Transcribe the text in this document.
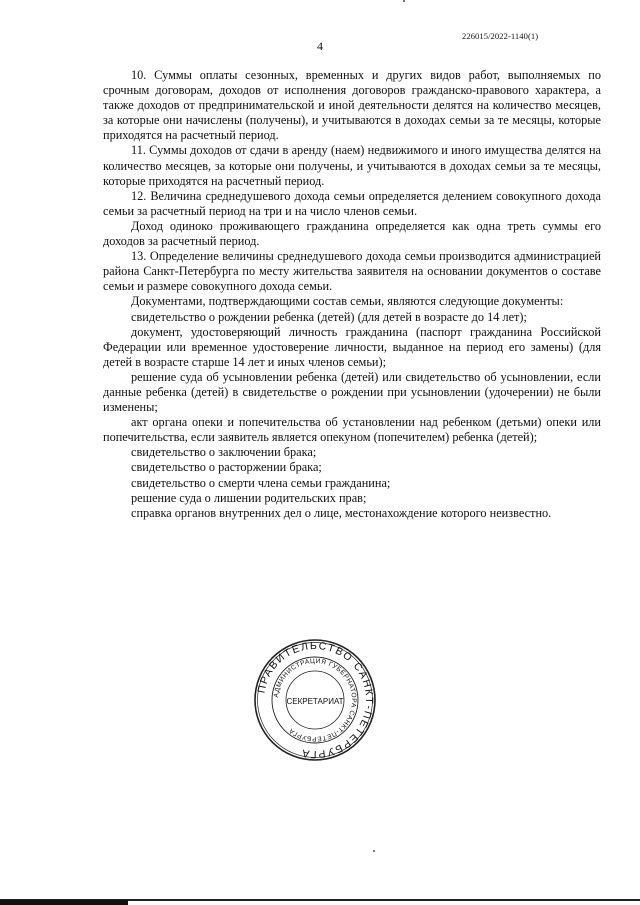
226015/2022-1140(1)
4

10. Суммы оплаты сезонных, временных и других видов работ, выполняемых по срочным договорам, доходов от исполнения договоров гражданско-правового характера, а также доходов от предпринимательской и иной деятельности делятся на количество месяцев, за которые они начислены (получены), и учитываются в доходах семьи за те месяцы, которые приходятся на расчетный период.

11. Суммы доходов от сдачи в аренду (наем) недвижимого и иного имущества делятся на количество месяцев, за которые они получены, и учитываются в доходах семьи за те месяцы, которые приходятся на расчетный период.

12. Величина среднедушевого дохода семьи определяется делением совокупного дохода семьи за расчетный период на три и на число членов семьи.

Доход одиноко проживающего гражданина определяется как одна треть суммы его доходов за расчетный период.

13. Определение величины среднедушевого дохода семьи производится администрацией района Санкт-Петербурга по месту жительства заявителя на основании документов о составе семьи и размере совокупного дохода семьи.

Документами, подтверждающими состав семьи, являются следующие документы:

свидетельство о рождении ребенка (детей) (для детей в возрасте до 14 лет);

документ, удостоверяющий личность гражданина (паспорт гражданина Российской Федерации или временное удостоверение личности, выданное на период его замены) (для детей в возрасте старше 14 лет и иных членов семьи);

решение суда об усыновлении ребенка (детей) или свидетельство об усыновлении, если данные ребенка (детей) в свидетельстве о рождении при усыновлении (удочерении) не были изменены;

акт органа опеки и попечительства об установлении над ребенком (детьми) опеки или попечительства, если заявитель является опекуном (попечителем) ребенка (детей);

свидетельство о заключении брака;

свидетельство о расторжении брака;

свидетельство о смерти члена семьи гражданина;

решение суда о лишении родительских прав;

справка органов внутренних дел о лице, местонахождение которого неизвестно.

ПРАВИТЕЛЬСТВО САНКТ-ПЕТЕРБУРГА
АДМИНИСТРАЦИЯ ГУБЕРНАТОРА САНКТ-ПЕТЕРБУРГА
СЕКРЕТАРИАТ
